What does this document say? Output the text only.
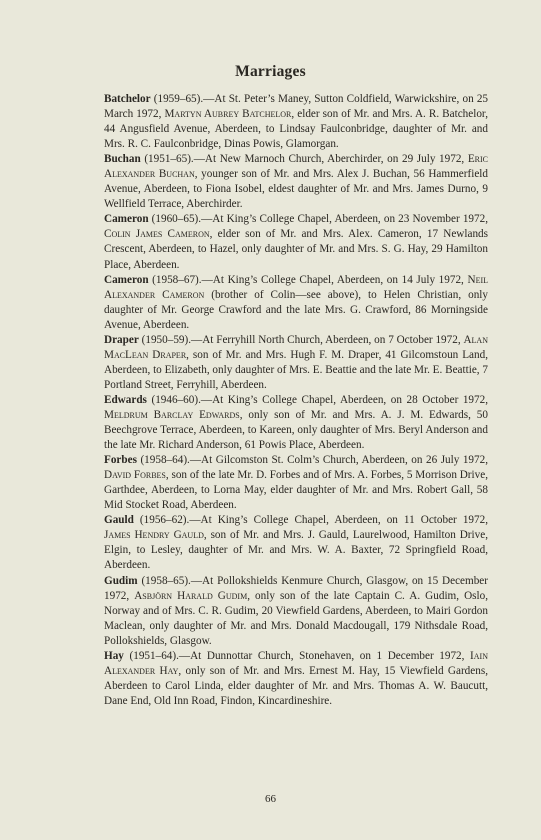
Marriages

Batchelor (1959–65).—At St. Peter’s Maney, Sutton Coldfield, Warwickshire, on 25 March 1972, Martyn Aubrey Batchelor, elder son of Mr. and Mrs. A. R. Batchelor, 44 Angusfield Avenue, Aberdeen, to Lindsay Faulconbridge, daughter of Mr. and Mrs. R. C. Faulconbridge, Dinas Powis, Glamorgan.

Buchan (1951–65).—At New Marnoch Church, Aberchirder, on 29 July 1972, Eric Alexander Buchan, younger son of Mr. and Mrs. Alex J. Buchan, 56 Hammerfield Avenue, Aberdeen, to Fiona Isobel, eldest daughter of Mr. and Mrs. James Durno, 9 Wellfield Terrace, Aberchirder.

Cameron (1960–65).—At King’s College Chapel, Aberdeen, on 23 November 1972, Colin James Cameron, elder son of Mr. and Mrs. Alex. Cameron, 17 Newlands Crescent, Aberdeen, to Hazel, only daughter of Mr. and Mrs. S. G. Hay, 29 Hamilton Place, Aberdeen.

Cameron (1958–67).—At King’s College Chapel, Aberdeen, on 14 July 1972, Neil Alexander Cameron (brother of Colin—see above), to Helen Christian, only daughter of Mr. George Crawford and the late Mrs. G. Crawford, 86 Morningside Avenue, Aberdeen.

Draper (1950–59).—At Ferryhill North Church, Aberdeen, on 7 October 1972, Alan MacLean Draper, son of Mr. and Mrs. Hugh F. M. Draper, 41 Gilcomstoun Land, Aberdeen, to Elizabeth, only daughter of Mrs. E. Beattie and the late Mr. E. Beattie, 7 Portland Street, Ferryhill, Aberdeen.

Edwards (1946–60).—At King’s College Chapel, Aberdeen, on 28 October 1972, Meldrum Barclay Edwards, only son of Mr. and Mrs. A. J. M. Edwards, 50 Beechgrove Terrace, Aberdeen, to Kareen, only daughter of Mrs. Beryl Anderson and the late Mr. Richard Anderson, 61 Powis Place, Aberdeen.

Forbes (1958–64).—At Gilcomston St. Colm’s Church, Aberdeen, on 26 July 1972, David Forbes, son of the late Mr. D. Forbes and of Mrs. A. Forbes, 5 Morrison Drive, Garthdee, Aberdeen, to Lorna May, elder daughter of Mr. and Mrs. Robert Gall, 58 Mid Stocket Road, Aberdeen.

Gauld (1956–62).—At King’s College Chapel, Aberdeen, on 11 October 1972, James Hendry Gauld, son of Mr. and Mrs. J. Gauld, Laurelwood, Hamilton Drive, Elgin, to Lesley, daughter of Mr. and Mrs. W. A. Baxter, 72 Springfield Road, Aberdeen.

Gudim (1958–65).—At Pollokshields Kenmure Church, Glasgow, on 15 December 1972, Asbjörn Harald Gudim, only son of the late Captain C. A. Gudim, Oslo, Norway and of Mrs. C. R. Gudim, 20 Viewfield Gardens, Aberdeen, to Mairi Gordon Maclean, only daughter of Mr. and Mrs. Donald Macdougall, 179 Nithsdale Road, Pollokshields, Glasgow.

Hay (1951–64).—At Dunnottar Church, Stonehaven, on 1 December 1972, Iain Alexander Hay, only son of Mr. and Mrs. Ernest M. Hay, 15 Viewfield Gardens, Aberdeen to Carol Linda, elder daughter of Mr. and Mrs. Thomas A. W. Baucutt, Dane End, Old Inn Road, Findon, Kincardineshire.

66
